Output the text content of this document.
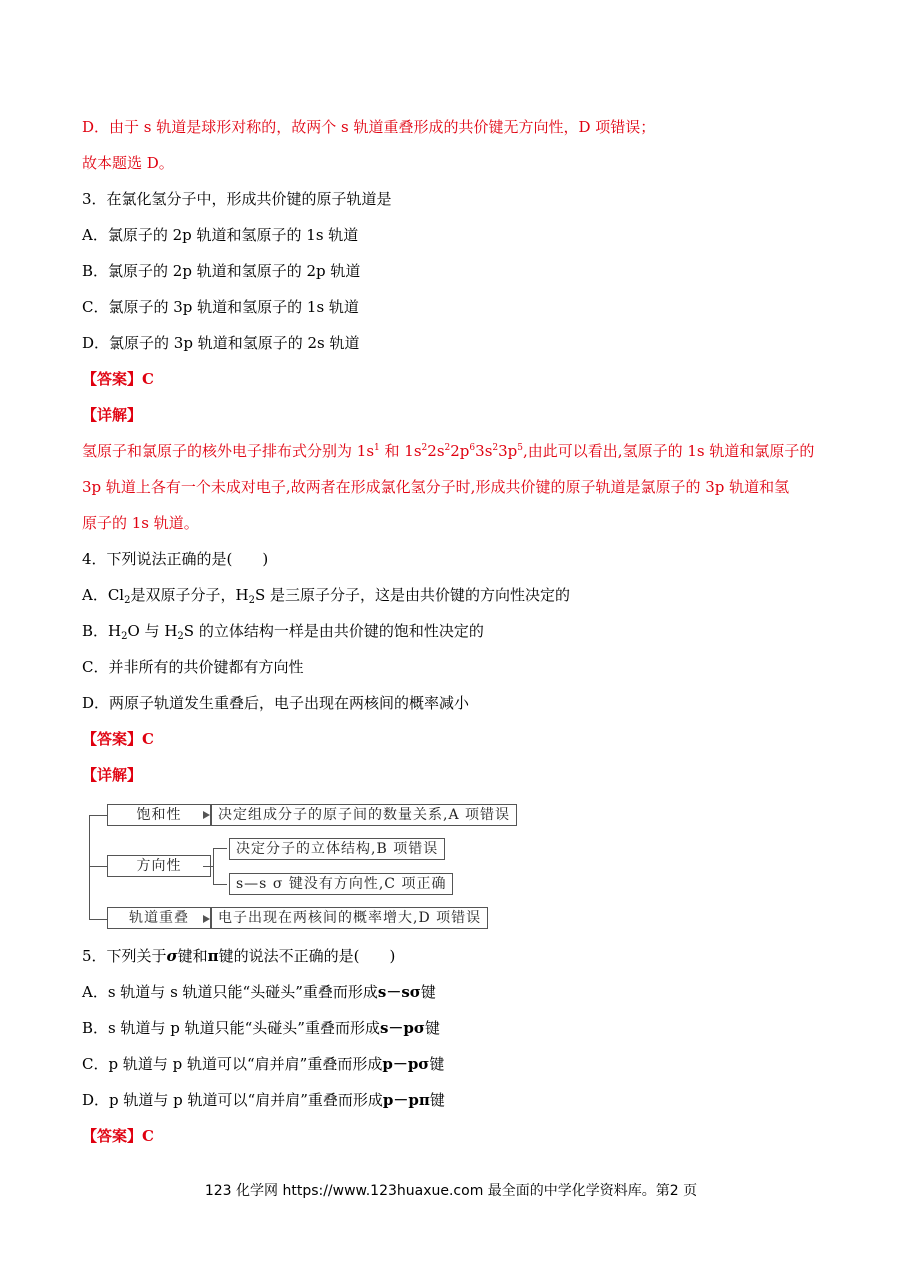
D．由于 s 轨道是球形对称的，故两个 s 轨道重叠形成的共价键无方向性，D 项错误；
故本题选 D。
3．在氯化氢分子中，形成共价键的原子轨道是
A．氯原子的 2p 轨道和氢原子的 1s 轨道
B．氯原子的 2p 轨道和氢原子的 2p 轨道
C．氯原子的 3p 轨道和氢原子的 1s 轨道
D．氯原子的 3p 轨道和氢原子的 2s 轨道
【答案】C
【详解】
氢原子和氯原子的核外电子排布式分别为 $1s^1$ 和 $1s^22s^22p^63s^23p^5$,由此可以看出,氢原子的 1s 轨道和氯原子的
3p 轨道上各有一个未成对电子,故两者在形成氯化氢分子时,形成共价键的原子轨道是氯原子的 3p 轨道和氢
原子的 1s 轨道。
4．下列说法正确的是(　　)
A．$Cl_2$是双原子分子，$H_2S$ 是三原子分子，这是由共价键的方向性决定的
B．$H_2O$ 与 $H_2S$ 的立体结构一样是由共价键的饱和性决定的
C．并非所有的共价键都有方向性
D．两原子轨道发生重叠后，电子出现在两核间的概率减小
【答案】C
【详解】
饱和性	决定组成分子的原子间的数量关系,A 项错误
方向性
决定分子的立体结构,B 项错误
s—s σ 键没有方向性,C 项正确
轨道重叠	电子出现在两核间的概率增大,D 项错误
5．下列关于σ键和π键的说法不正确的是(　　)
A．s 轨道与 s 轨道只能“头碰头”重叠而形成s－sσ键
B．s 轨道与 p 轨道只能“头碰头”重叠而形成s－pσ键
C．p 轨道与 p 轨道可以“肩并肩”重叠而形成p－pσ键
D．p 轨道与 p 轨道可以“肩并肩”重叠而形成p－pπ键
【答案】C
123 化学网 https://www.123huaxue.com 最全面的中学化学资料库。第2 页
